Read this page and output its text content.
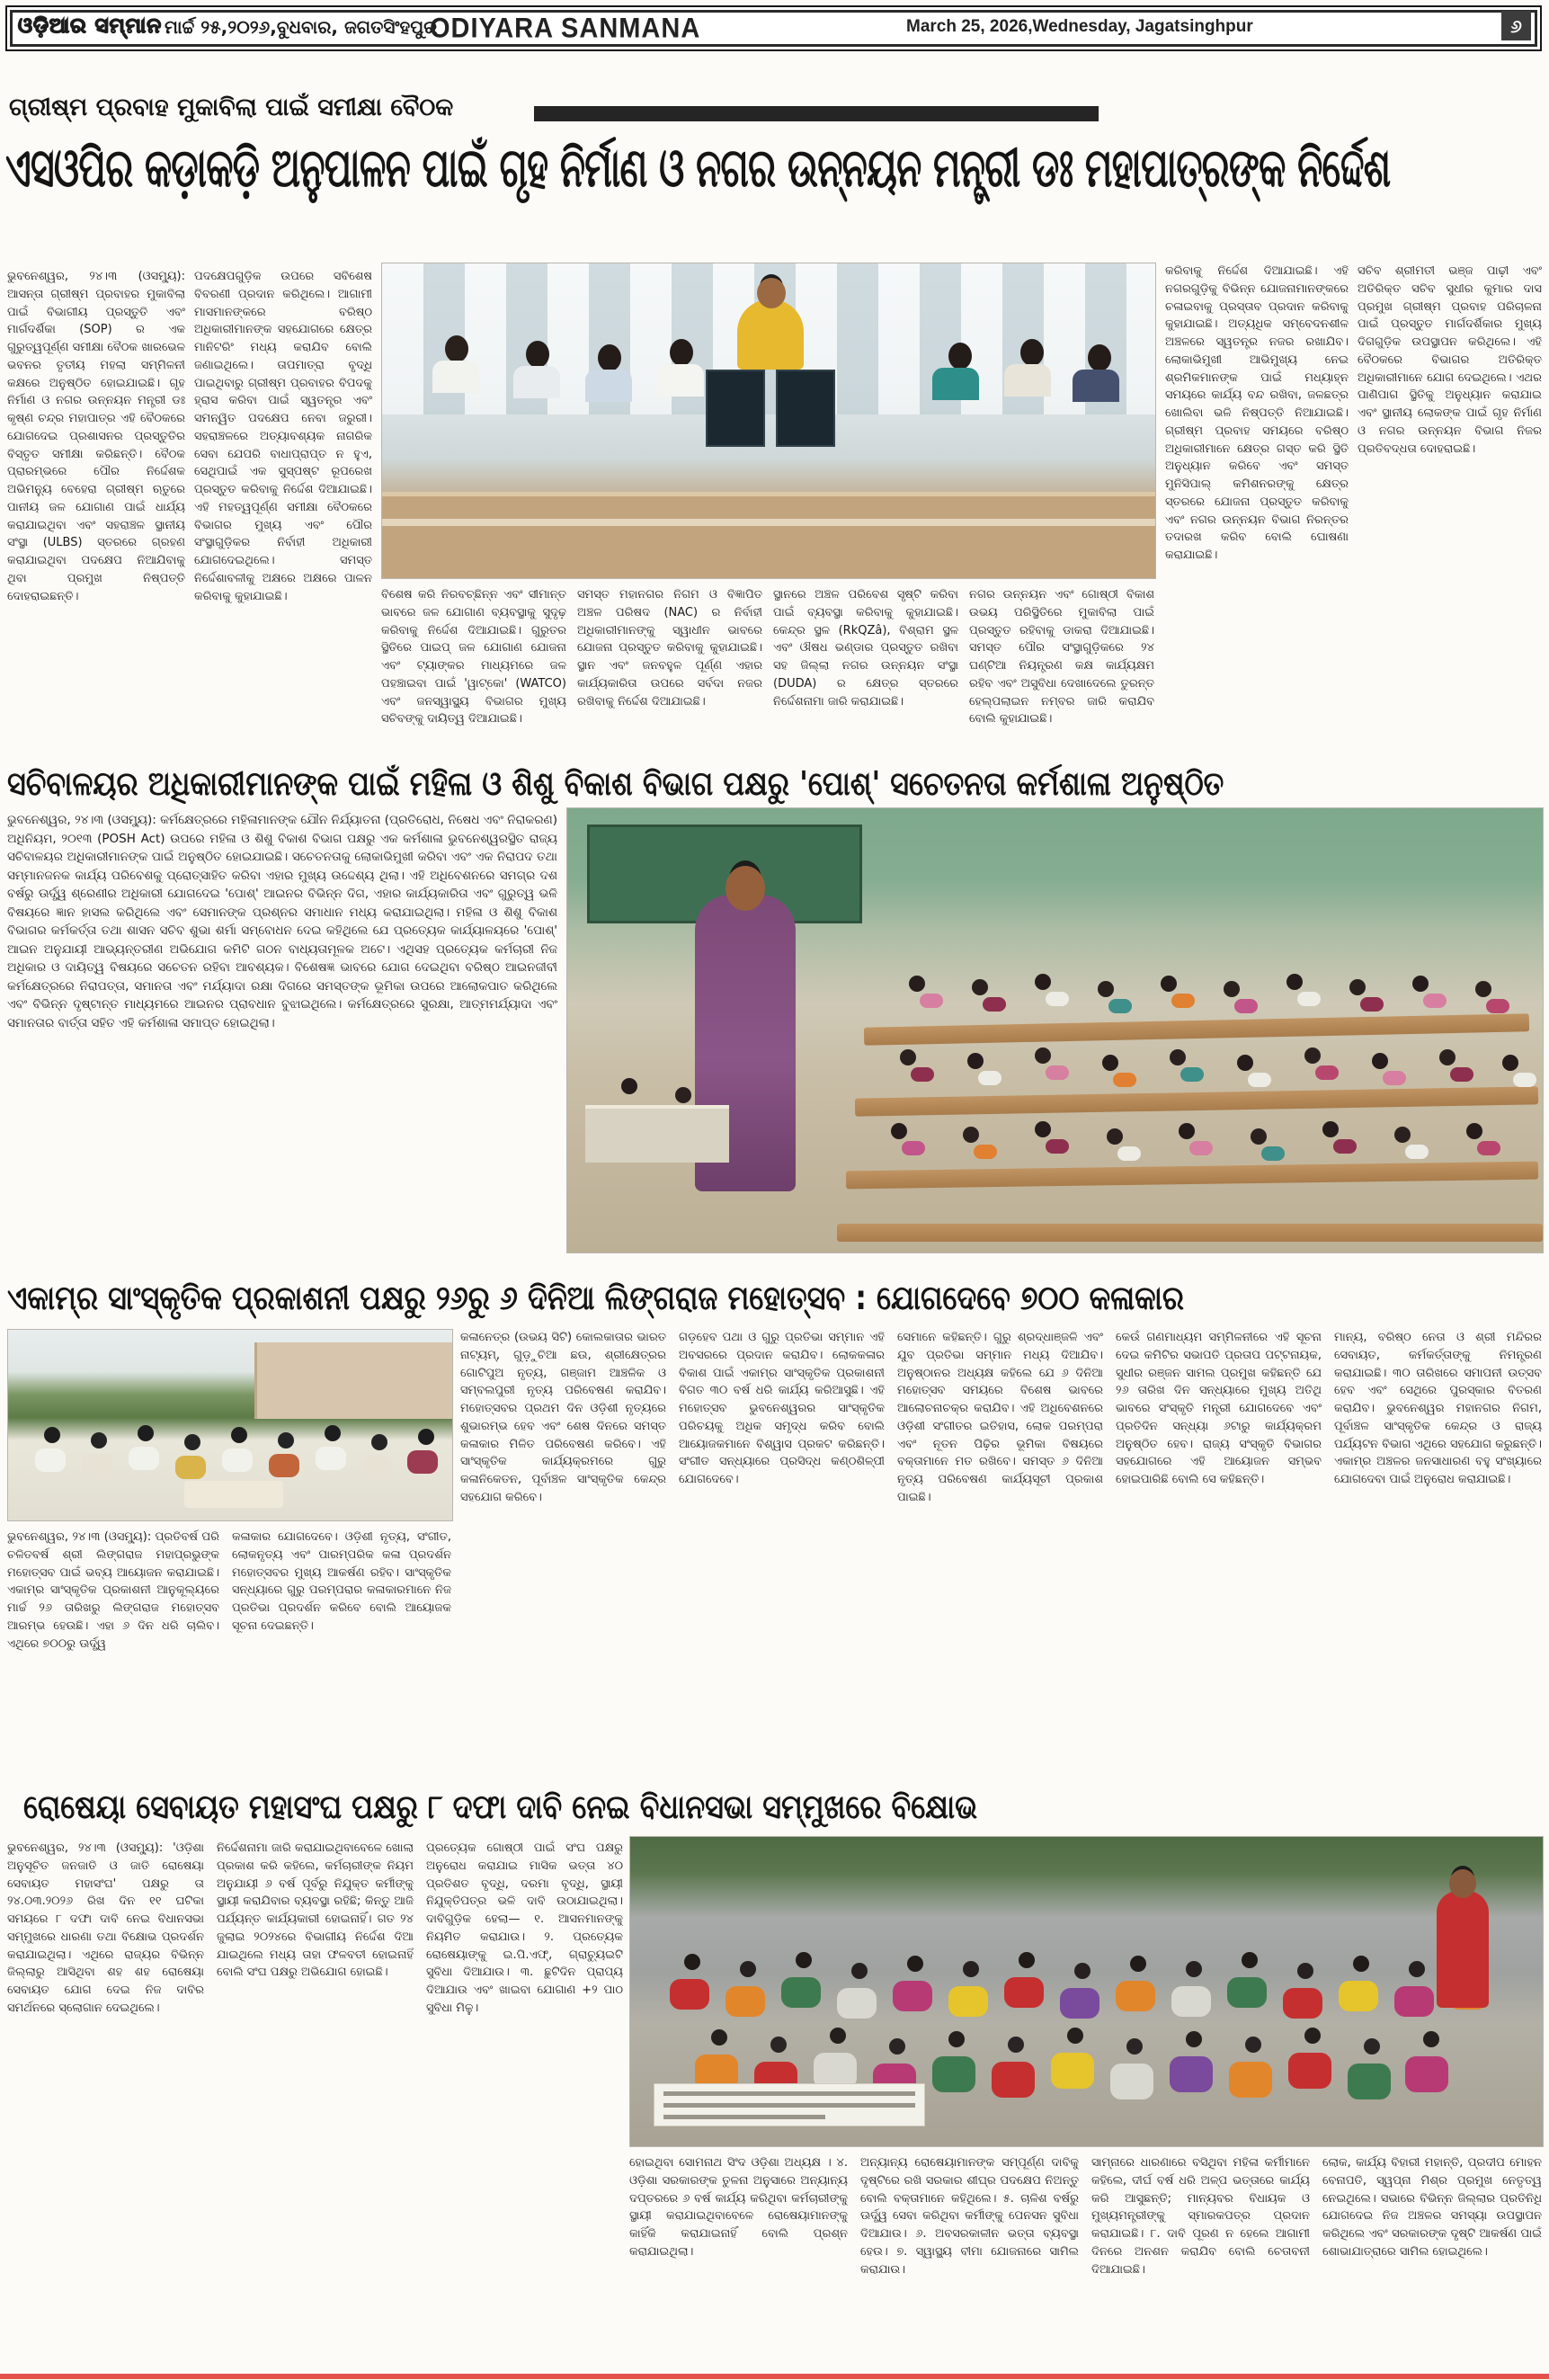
ଓଡ଼ିଆର ସମ୍ମାନ ମାର୍ଚ୍ଚ ୨୫,୨୦୨୬,ବୁଧବାର, ଜଗତସିଂହପୁର
ODIYARA SANMANA	March 25, 2026,Wednesday, Jagatsinghpur	୬
ଗ୍ରୀଷ୍ମ ପ୍ରବାହ ମୁକାବିଲା ପାଇଁ ସମୀକ୍ଷା ବୈଠକ
ଏସଓପିର କଡ଼ାକଡ଼ି ଅନୁପାଳନ ପାଇଁ ଗୃହ ନିର୍ମାଣ ଓ ନଗର ଉନ୍ନୟନ ମନ୍ତ୍ରୀ ଡଃ ମହାପାତ୍ରଙ୍କ ନିର୍ଦ୍ଦେଶ
ଭୁବନେଶ୍ୱର, ୨୪।୩ (ଓସମ୍ୟୁ): ଆସନ୍ତା ଗ୍ରୀଷ୍ମ ପ୍ରବାହର ମୁକାବିଲା ପାଇଁ ବିଭାଗୀୟ ପ୍ରସ୍ତୁତି ଏବଂ ମାର୍ଗଦର୍ଶିକା (SOP) ର ଏକ ଗୁରୁତ୍ୱପୂର୍ଣ୍ଣ ସମୀକ୍ଷା ବୈଠକ ଖାରଭେଳ ଭବନର ତୃତୀୟ ମହଲା ସମ୍ମିଳନୀ କକ୍ଷରେ ଅନୁଷ୍ଠିତ ହୋଇଯାଇଛି। ଗୃହ ନିର୍ମାଣ ଓ ନଗର ଉନ୍ନୟନ ମନ୍ତ୍ରୀ ଡଃ କୃଷ୍ଣ ଚନ୍ଦ୍ର ମହାପାତ୍ର ଏହି ବୈଠକରେ ଯୋଗଦେଇ ପ୍ରଶାସନର ପ୍ରସ୍ତୁତିର ବିସ୍ତୃତ ସମୀକ୍ଷା କରିଛନ୍ତି। ବୈଠକ ପ୍ରାରମ୍ଭରେ ପୌର ନିର୍ଦ୍ଦେଶକ ଅଭିମନ୍ୟୁ ବେହେରା ଗ୍ରୀଷ୍ମ ଋତୁରେ ପାନୀୟ ଜଳ ଯୋଗାଣ ପାଇଁ ଧାର୍ଯ୍ୟ କରାଯାଇଥିବା ଏବଂ ସହରାଞ୍ଚଳ ସ୍ଥାନୀୟ ସଂସ୍ଥା (ULBS) ସ୍ତରରେ ଗ୍ରହଣ କରାଯାଇଥିବା ପଦକ୍ଷେପ ନିଆଯିବାକୁ ଥିବା ପ୍ରମୁଖ ନିଷ୍ପତ୍ତି ଦୋହରାଇଛନ୍ତି।
ପଦକ୍ଷେପଗୁଡ଼ିକ ଉପରେ ସବିଶେଷ ବିବରଣୀ ପ୍ରଦାନ କରିଥିଲେ। ଆଗାମୀ ମାସମାନଙ୍କରେ ବରିଷ୍ଠ ଅଧିକାରୀମାନଙ୍କ ସହଯୋଗରେ କ୍ଷେତ୍ର ମାନିଟରିଂ ମଧ୍ୟ କରାଯିବ ବୋଲି ଜଣାଇଥିଲେ। ତାପମାତ୍ରା ବୃଦ୍ଧି ପାଇଥିବାରୁ ଗ୍ରୀଷ୍ମ ପ୍ରବାହର ବିପଦକୁ ହ୍ରାସ କରିବା ପାଇଁ ସ୍ୱତନ୍ତ୍ର ଏବଂ ସମନ୍ୱିତ ପଦକ୍ଷେପ ନେବା ଜରୁରୀ। ସହରାଞ୍ଚଳରେ ଅତ୍ୟାବଶ୍ୟକ ନାଗରିକ ସେବା ଯେପରି ବାଧାପ୍ରାପ୍ତ ନ ହୁଏ, ସେଥିପାଇଁ ଏକ ସୁସ୍ପଷ୍ଟ ରୂପରେଖ ପ୍ରସ୍ତୁତ କରିବାକୁ ନିର୍ଦ୍ଦେଶ ଦିଆଯାଇଛି। ଏହି ମହତ୍ୱପୂର୍ଣ୍ଣ ସମୀକ୍ଷା ବୈଠକରେ ବିଭାଗର ମୁଖ୍ୟ ଏବଂ ପୌର ସଂସ୍ଥାଗୁଡ଼ିକର ନିର୍ବାହୀ ଅଧିକାରୀ ଯୋଗଦେଇଥିଲେ। ସମସ୍ତ ନିର୍ଦ୍ଦେଶାବଳୀକୁ ଅକ୍ଷରେ ଅକ୍ଷରେ ପାଳନ କରିବାକୁ କୁହାଯାଇଛି।	ବିଶେଷ କରି ନିରବଚ୍ଛିନ୍ନ ଏବଂ ସୀମାନ୍ତ ଭାବରେ ଜଳ ଯୋଗାଣ ବ୍ୟବସ୍ଥାକୁ ସୁଦୃଢ଼ କରିବାକୁ ନିର୍ଦ୍ଦେଶ ଦିଆଯାଇଛି। ଗୁରୁତର ସ୍ଥିତିରେ ପାଇପ୍ ଜଳ ଯୋଗାଣ ଯୋଜନା ଏବଂ ଟ୍ୟାଙ୍କର ମାଧ୍ୟମରେ ଜଳ ପହଞ୍ଚାଇବା ପାଇଁ 'ୱାଟ୍‌କୋ' (WATCO) ଏବଂ ଜନସ୍ୱାସ୍ଥ୍ୟ ବିଭାଗର ମୁଖ୍ୟ ସଚିବଙ୍କୁ ଦାୟିତ୍ୱ ଦିଆଯାଇଛି।
ସମସ୍ତ ମହାନଗର ନିଗମ ଓ ବିଜ୍ଞାପିତ ଅଞ୍ଚଳ ପରିଷଦ (NAC) ର ନିର୍ବାହୀ ଅଧିକାରୀମାନଙ୍କୁ ସ୍ୱାଧୀନ ଭାବରେ ଯୋଜନା ପ୍ରସ୍ତୁତ କରିବାକୁ କୁହାଯାଇଛି। ସ୍ଥାନ ଏବଂ ଜନବହୁଳ ପୂର୍ଣ୍ଣ ଏହାର କାର୍ଯ୍ୟକାରିତା ଉପରେ ସର୍ବଦା ନଜର ରଖିବାକୁ ନିର୍ଦ୍ଦେଶ ଦିଆଯାଇଛି।
ସ୍ଥାନରେ ଅଞ୍ଚଳ ପରିବେଶ ସୃଷ୍ଟି କରିବା ପାଇଁ ବ୍ୟବସ୍ଥା କରିବାକୁ କୁହାଯାଇଛି। କେନ୍ଦ୍ର ସ୍ଥଳ (RkQZâ), ବିଶ୍ରାମ ସ୍ଥଳ ଏବଂ ଔଷଧ ଭଣ୍ଡାର ପ୍ରସ୍ତୁତ ରଖିବା ସହ ଜିଲ୍ଲା ନଗର ଉନ୍ନୟନ ସଂସ୍ଥା (DUDA) ର କ୍ଷେତ୍ର ସ୍ତରରେ ନିର୍ଦ୍ଦେଶନାମା ଜାରି କରାଯାଇଛି।
ନଗର ଉନ୍ନୟନ ଏବଂ ଗୋଷ୍ଠୀ ବିକାଶ ଉଭୟ ପରିସ୍ଥିତିରେ ମୁକାବିଲା ପାଇଁ ପ୍ରସ୍ତୁତ ରହିବାକୁ ଡାକରା ଦିଆଯାଇଛି। ସମସ୍ତ ପୌର ସଂସ୍ଥାଗୁଡ଼ିକରେ ୨୪ ଘଣ୍ଟିଆ ନିୟନ୍ତ୍ରଣ କକ୍ଷ କାର୍ଯ୍ୟକ୍ଷମ ରହିବ ଏବଂ ଅସୁବିଧା ଦେଖାଦେଲେ ତୁରନ୍ତ ହେଲ୍ପଲାଇନ ନମ୍ବର ଜାରି କରାଯିବ ବୋଲି କୁହାଯାଇଛି।
କରିବାକୁ ନିର୍ଦ୍ଦେଶ ଦିଆଯାଇଛି। ଏହି ନଗରଗୁଡ଼ିକୁ ବିଭିନ୍ନ ଯୋଜନାମାନଙ୍କରେ ଚଳାଇବାକୁ ପ୍ରସ୍ତାବ ପ୍ରଦାନ କରିବାକୁ କୁହାଯାଇଛି। ଅତ୍ୟଧିକ ସମ୍ବେଦନଶୀଳ ଅଞ୍ଚଳରେ ସ୍ୱତନ୍ତ୍ର ନଜର ରଖାଯିବ। ଲୋକାଭିମୁଖୀ ଆଭିମୁଖ୍ୟ ନେଇ ଶ୍ରମିକମାନଙ୍କ ପାଇଁ ମଧ୍ୟାହ୍ନ ସମୟରେ କାର୍ଯ୍ୟ ବନ୍ଦ ରଖିବା, ଜଳଛତ୍ର ଖୋଲିବା ଭଳି ନିଷ୍ପତ୍ତି ନିଆଯାଇଛି। ଗ୍ରୀଷ୍ମ ପ୍ରବାହ ସମୟରେ ବରିଷ୍ଠ ଅଧିକାରୀମାନେ କ୍ଷେତ୍ର ଗସ୍ତ କରି ସ୍ଥିତି ଅନୁଧ୍ୟାନ କରିବେ ଏବଂ ସମସ୍ତ ମୁନିସିପାଲ୍ କମିଶନରଙ୍କୁ କ୍ଷେତ୍ର ସ୍ତରରେ ଯୋଜନା ପ୍ରସ୍ତୁତ କରିବାକୁ ଏବଂ ନଗର ଉନ୍ନୟନ ବିଭାଗ ନିରନ୍ତର ତଦାରଖ କରିବ ବୋଲି ଘୋଷଣା କରାଯାଇଛି।
ସଚିବ ଶ୍ରୀମତୀ ଭଞ୍ଜ ପାଢ଼ୀ ଏବଂ ଅତିରିକ୍ତ ସଚିବ ସୁଧୀର କୁମାର ଦାସ ପ୍ରମୁଖ ଗ୍ରୀଷ୍ମ ପ୍ରବାହ ପରିଚାଳନା ପାଇଁ ପ୍ରସ୍ତୁତ ମାର୍ଗଦର୍ଶିକାର ମୁଖ୍ୟ ଦିଗଗୁଡ଼ିକ ଉପସ୍ଥାପନ କରିଥିଲେ। ଏହି ବୈଠକରେ ବିଭାଗର ଅତିରିକ୍ତ ଅଧିକାରୀମାନେ ଯୋଗ ଦେଇଥିଲେ। ଏଥର ପାଣିପାଗ ସ୍ଥିତିକୁ ଅନୁଧ୍ୟାନ କରାଯାଇ ଏବଂ ସ୍ଥାନୀୟ ଲୋକଙ୍କ ପାଇଁ ଗୃହ ନିର୍ମାଣ ଓ ନଗର ଉନ୍ନୟନ ବିଭାଗ ନିଜର ପ୍ରତିବଦ୍ଧତା ଦୋହରାଇଛି।
ସଚିବାଳୟର ଅଧିକାରୀମାନଙ୍କ ପାଇଁ ମହିଳା ଓ ଶିଶୁ ବିକାଶ ବିଭାଗ ପକ୍ଷରୁ 'ପୋଶ୍' ସଚେତନତା କର୍ମଶାଳା ଅନୁଷ୍ଠିତ
ଭୁବନେଶ୍ୱର, ୨୪।୩ (ଓସମ୍ୟୁ): କର୍ମକ୍ଷେତ୍ରରେ ମହିଳାମାନଙ୍କ ଯୌନ ନିର୍ଯ୍ୟାତନା (ପ୍ରତିରୋଧ, ନିଷେଧ ଏବଂ ନିରାକରଣ) ଅଧିନିୟମ, ୨୦୧୩ (POSH Act) ଉପରେ ମହିଳା ଓ ଶିଶୁ ବିକାଶ ବିଭାଗ ପକ୍ଷରୁ ଏକ କର୍ମଶାଳା ଭୁବନେଶ୍ୱରସ୍ଥିତ ରାଜ୍ୟ ସଚିବାଳୟର ଅଧିକାରୀମାନଙ୍କ ପାଇଁ ଅନୁଷ୍ଠିତ ହୋଇଯାଇଛି। ସଚେତନତାକୁ ଲୋକାଭିମୁଖୀ କରିବା ଏବଂ ଏକ ନିରାପଦ ତଥା ସମ୍ମାନଜନକ କାର୍ଯ୍ୟ ପରିବେଶକୁ ପ୍ରୋତ୍ସାହିତ କରିବା ଏହାର ମୁଖ୍ୟ ଉଦ୍ଦେଶ୍ୟ ଥିଲା। ଏହି ଅଧିବେଶନରେ ସମଗ୍ର ଦଶ ବର୍ଷରୁ ଊର୍ଦ୍ଧ୍ୱ ଶ୍ରେଣୀର ଅଧିକାରୀ ଯୋଗଦେଇ 'ପୋଶ୍' ଆଇନର ବିଭିନ୍ନ ଦିଗ, ଏହାର କାର୍ଯ୍ୟକାରିତା ଏବଂ ଗୁରୁତ୍ୱ ଭଳି ବିଷୟରେ ଜ୍ଞାନ ହାସଲ କରିଥିଲେ ଏବଂ ସେମାନଙ୍କ ପ୍ରଶ୍ନର ସମାଧାନ ମଧ୍ୟ କରାଯାଇଥିଲା। ମହିଳା ଓ ଶିଶୁ ବିକାଶ ବିଭାଗର କର୍ମକର୍ତ୍ତା ତଥା ଶାସନ ସଚିବ ଶୁଭା ଶର୍ମା ସମ୍ବୋଧନ ଦେଇ କହିଥିଲେ ଯେ ପ୍ରତ୍ୟେକ କାର୍ଯ୍ୟାଳୟରେ 'ପୋଶ୍' ଆଇନ ଅନୁଯାୟୀ ଆଭ୍ୟନ୍ତରୀଣ ଅଭିଯୋଗ କମିଟି ଗଠନ ବାଧ୍ୟତାମୂଳକ ଅଟେ। ଏଥିସହ ପ୍ରତ୍ୟେକ କର୍ମଚାରୀ ନିଜ ଅଧିକାର ଓ ଦାୟିତ୍ୱ ବିଷୟରେ ସଚେତନ ରହିବା ଆବଶ୍ୟକ। ବିଶେଷଜ୍ଞ ଭାବରେ ଯୋଗ ଦେଇଥିବା ବରିଷ୍ଠ ଆଇନଜୀବୀ କର୍ମକ୍ଷେତ୍ରରେ ନିରାପତ୍ତା, ସମାନତା ଏବଂ ମର୍ଯ୍ୟାଦା ରକ୍ଷା ଦିଗରେ ସମସ୍ତଙ୍କ ଭୂମିକା ଉପରେ ଆଲୋକପାତ କରିଥିଲେ ଏବଂ ବିଭିନ୍ନ ଦୃଷ୍ଟାନ୍ତ ମାଧ୍ୟମରେ ଆଇନର ପ୍ରାବଧାନ ବୁଝାଇଥିଲେ। କର୍ମକ୍ଷେତ୍ରରେ ସୁରକ୍ଷା, ଆତ୍ମମର୍ଯ୍ୟାଦା ଏବଂ ସମାନତାର ବାର୍ତ୍ତା ସହିତ ଏହି କର୍ମଶାଳା ସମାପ୍ତ ହୋଇଥିଲା।
ଏକାମ୍ର ସାଂସ୍କୃତିକ ପ୍ରକାଶନୀ ପକ୍ଷରୁ ୨୬ରୁ ୬ ଦିନିଆ ଲିଙ୍ଗରାଜ ମହୋତ୍ସବ : ଯୋଗଦେବେ ୭୦୦ କଳାକାର
ଭୁବନେଶ୍ୱର, ୨୪।୩ (ଓସମ୍ୟୁ): ପ୍ରତିବର୍ଷ ପରି ଚଳିତବର୍ଷ ଶ୍ରୀ ଲିଙ୍ଗରାଜ ମହାପ୍ରଭୁଙ୍କ ମହୋତ୍ସବ ପାଇଁ ଭବ୍ୟ ଆୟୋଜନ କରାଯାଇଛି। ଏକାମ୍ର ସାଂସ୍କୃତିକ ପ୍ରକାଶନୀ ଆନୁକୂଲ୍ୟରେ ମାର୍ଚ୍ଚ ୨୬ ତାରିଖରୁ ଲିଙ୍ଗରାଜ ମହୋତ୍ସବ ଆରମ୍ଭ ହେଉଛି। ଏହା ୬ ଦିନ ଧରି ଚାଲିବ। ଏଥିରେ ୭୦୦ରୁ ଊର୍ଦ୍ଧ୍ୱ
କଳାକାର ଯୋଗଦେବେ। ଓଡ଼ିଶୀ ନୃତ୍ୟ, ସଂଗୀତ, ଲୋକନୃତ୍ୟ ଏବଂ ପାରମ୍ପରିକ କଳା ପ୍ରଦର୍ଶନ ମହୋତ୍ସବର ମୁଖ୍ୟ ଆକର୍ଷଣ ରହିବ। ସାଂସ୍କୃତିକ ସନ୍ଧ୍ୟାରେ ଗୁରୁ ପରମ୍ପରାର କଳାକାରମାନେ ନିଜ ପ୍ରତିଭା ପ୍ରଦର୍ଶନ କରିବେ ବୋଲି ଆୟୋଜକ ସୂଚନା ଦେଇଛନ୍ତି।
କଳାନେତ୍ର (ଉଭୟ ସିଟି) କୋଲକାତାର ଭାରତ ନାଟ୍ୟମ୍, ଗୁଡ଼ୁଚିଆ ଛଉ, ଶ୍ରୀକ୍ଷେତ୍ରର ଗୋଟିପୁଅ ନୃତ୍ୟ, ଗଞ୍ଜାମ ଆଞ୍ଚଳିକ ଓ ସମ୍ବଲପୁରୀ ନୃତ୍ୟ ପରିବେଷଣ କରାଯିବ। ମହୋତ୍ସବର ପ୍ରଥମ ଦିନ ଓଡ଼ିଶୀ ନୃତ୍ୟରେ ଶୁଭାରମ୍ଭ ହେବ ଏବଂ ଶେଷ ଦିନରେ ସମସ୍ତ କଳାକାର ମିଳିତ ପରିବେଷଣ କରିବେ। ଏହି ସାଂସ୍କୃତିକ କାର୍ଯ୍ୟକ୍ରମରେ ଗୁରୁ କଳାନିକେତନ, ପୂର୍ବାଞ୍ଚଳ ସାଂସ୍କୃତିକ କେନ୍ଦ୍ର ସହଯୋଗ କରିବେ।
ଗଡ଼ହେବ ପଥା ଓ ଗୁରୁ ପ୍ରତିଭା ସମ୍ମାନ ଏହି ଅବସରରେ ପ୍ରଦାନ କରାଯିବ। ଲୋକକଳାର ବିକାଶ ପାଇଁ ଏକାମ୍ର ସାଂସ୍କୃତିକ ପ୍ରକାଶନୀ ବିଗତ ୩୦ ବର୍ଷ ଧରି କାର୍ଯ୍ୟ କରିଆସୁଛି। ଏହି ମହୋତ୍ସବ ଭୁବନେଶ୍ୱରର ସାଂସ୍କୃତିକ ପରିଚୟକୁ ଅଧିକ ସମୃଦ୍ଧ କରିବ ବୋଲି ଆୟୋଜକମାନେ ବିଶ୍ୱାସ ପ୍ରକଟ କରିଛନ୍ତି। ସଂଗୀତ ସନ୍ଧ୍ୟାରେ ପ୍ରସିଦ୍ଧ କଣ୍ଠଶିଳ୍ପୀ ଯୋଗଦେବେ।
ସେମାନେ କହିଛନ୍ତି। ଗୁରୁ ଶ୍ରଦ୍ଧାଞ୍ଜଳି ଏବଂ ଯୁବ ପ୍ରତିଭା ସମ୍ମାନ ମଧ୍ୟ ଦିଆଯିବ। ଅନୁଷ୍ଠାନର ଅଧ୍ୟକ୍ଷ କହିଲେ ଯେ ୬ ଦିନିଆ ମହୋତ୍ସବ ସମୟରେ ବିଶେଷ ଭାବରେ ଆଲୋଚନାଚକ୍ର କରାଯିବ। ଏହି ଅଧିବେଶନରେ ଓଡ଼ିଶୀ ସଂଗୀତର ଇତିହାସ, ଲୋକ ପରମ୍ପରା ଏବଂ ନୂତନ ପିଢ଼ିର ଭୂମିକା ବିଷୟରେ ବକ୍ତାମାନେ ମତ ରଖିବେ। ସମସ୍ତ ୬ ଦିନିଆ ନୃତ୍ୟ ପରିବେଷଣ କାର୍ଯ୍ୟସୂଚୀ ପ୍ରକାଶ ପାଇଛି।
କେଉଁ ଗଣମାଧ୍ୟମ ସମ୍ମିଳନୀରେ ଏହି ସୂଚନା ଦେଇ କମିଟିର ସଭାପତି ପ୍ରତାପ ପଟ୍ଟନାୟକ, ସୁଧୀର ରଞ୍ଜନ ସାମଲ ପ୍ରମୁଖ କହିଛନ୍ତି ଯେ ୨୬ ତାରିଖ ଦିନ ସନ୍ଧ୍ୟାରେ ମୁଖ୍ୟ ଅତିଥି ଭାବରେ ସଂସ୍କୃତି ମନ୍ତ୍ରୀ ଯୋଗଦେବେ ଏବଂ ପ୍ରତିଦିନ ସନ୍ଧ୍ୟା ୬ଟାରୁ କାର୍ଯ୍ୟକ୍ରମ ଅନୁଷ୍ଠିତ ହେବ। ରାଜ୍ୟ ସଂସ୍କୃତି ବିଭାଗର ସହଯୋଗରେ ଏହି ଆୟୋଜନ ସମ୍ଭବ ହୋଇପାରିଛି ବୋଲି ସେ କହିଛନ୍ତି।
ମାନ୍ୟ, ବରିଷ୍ଠ ନେତା ଓ ଶ୍ରୀ ମନ୍ଦିରର ସେବାୟତ, କର୍ମକର୍ତ୍ତାଙ୍କୁ ନିମନ୍ତ୍ରଣ କରାଯାଇଛି। ୩୦ ତାରିଖରେ ସମାପନୀ ଉତ୍ସବ ହେବ ଏବଂ ସେଥିରେ ପୁରସ୍କାର ବିତରଣ କରାଯିବ। ଭୁବନେଶ୍ୱର ମହାନଗର ନିଗମ, ପୂର୍ବାଞ୍ଚଳ ସାଂସ୍କୃତିକ କେନ୍ଦ୍ର ଓ ରାଜ୍ୟ ପର୍ଯ୍ୟଟନ ବିଭାଗ ଏଥିରେ ସହଯୋଗ କରୁଛନ୍ତି। ଏକାମ୍ର ଅଞ୍ଚଳର ଜନସାଧାରଣ ବହୁ ସଂଖ୍ୟାରେ ଯୋଗଦେବା ପାଇଁ ଅନୁରୋଧ କରାଯାଇଛି।
ରୋଷେୟା ସେବାୟତ ମହାସଂଘ ପକ୍ଷରୁ ୮ ଦଫା ଦାବି ନେଇ ବିଧାନସଭା ସମ୍ମୁଖରେ ବିକ୍ଷୋଭ
ଭୁବନେଶ୍ୱର, ୨୪।୩ (ଓସମ୍ୟୁ): 'ଓଡ଼ିଶା ଅନୁସୂଚିତ ଜନଜାତି ଓ ଜାତି ରୋଷେୟା ସେବାୟତ ମହାସଂଘ' ପକ୍ଷରୁ ତା ୨୪.୦୩.୨୦୨୬ ରିଖ ଦିନ ୧୧ ଘଟିକା ସମୟରେ ୮ ଦଫା ଦାବି ନେଇ ବିଧାନସଭା ସମ୍ମୁଖରେ ଧାରଣା ତଥା ବିକ୍ଷୋଭ ପ୍ରଦର୍ଶନ କରାଯାଇଥିଲା। ଏଥିରେ ରାଜ୍ୟର ବିଭିନ୍ନ ଜିଲ୍ଲାରୁ ଆସିଥିବା ଶହ ଶହ ରୋଷେୟା ସେବାୟତ ଯୋଗ ଦେଇ ନିଜ ଦାବିର ସମର୍ଥନରେ ସ୍ଲୋଗାନ ଦେଇଥିଲେ।
ନିର୍ଦ୍ଦେଶନାମା ଜାରି କରାଯାଇଥିବାବେଳେ ଖୋଲା ପ୍ରକାଶ କରି କହିଲେ, କର୍ମଚାରୀଙ୍କ ନିୟମ ଅନୁଯାୟୀ ୬ ବର୍ଷ ପୂର୍ବରୁ ନିଯୁକ୍ତ କର୍ମୀଙ୍କୁ ସ୍ଥାୟୀ କରାଯିବାର ବ୍ୟବସ୍ଥା ରହିଛି; କିନ୍ତୁ ଆଜି ପର୍ଯ୍ୟନ୍ତ କାର୍ଯ୍ୟକାରୀ ହୋଇନାହିଁ। ଗତ ୨୪ ଜୁଲାଇ ୨୦୨୪ରେ ବିଭାଗୀୟ ନିର୍ଦ୍ଦେଶ ଦିଆ ଯାଇଥିଲେ ମଧ୍ୟ ତାହା ଫଳବତୀ ହୋଇନାହିଁ ବୋଲି ସଂଘ ପକ୍ଷରୁ ଅଭିଯୋଗ ହୋଇଛି।
ପ୍ରତ୍ୟେକ ଗୋଷ୍ଠୀ ପାଇଁ ସଂଘ ପକ୍ଷରୁ ଅନୁରୋଧ କରାଯାଇ ମାସିକ ଭତ୍ତା ୪୦ ପ୍ରତିଶତ ବୃଦ୍ଧି, ଦରମା ବୃଦ୍ଧି, ସ୍ଥାୟୀ ନିଯୁକ୍ତିପତ୍ର ଭଳି ଦାବି ଉଠାଯାଇଥିଲା। ଦାବିଗୁଡ଼ିକ ହେଲା— ୧. ଆସନମାନଙ୍କୁ ନିୟମିତ କରାଯାଉ। ୨. ପ୍ରତ୍ୟେକ ରୋଷେୟାଙ୍କୁ ଇ.ପି.ଏଫ୍, ଗ୍ରାଚ୍ୟୁଇଟି ସୁବିଧା ଦିଆଯାଉ। ୩. ଛୁଟିଦିନ ପ୍ରାପ୍ୟ ଦିଆଯାଉ ଏବଂ ଖାଇବା ଯୋଗାଣ +୨ ପାଠ ସୁବିଧା ମିଳୁ।
ହୋଇଥିବା ସୋମନାଥ ସିଂଦ ଓଡ଼ିଶା ଅଧ୍ୟକ୍ଷ । ୪. ଓଡ଼ିଶା ସରକାରଙ୍କ ତୁଳନା ଅନୁସାରେ ଅନ୍ୟାନ୍ୟ ଦପ୍ତରରେ ୬ ବର୍ଷ କାର୍ଯ୍ୟ କରିଥିବା କର୍ମଚାରୀଙ୍କୁ ସ୍ଥାୟୀ କରାଯାଇଥିବାବେଳେ ରୋଷେୟାମାନଙ୍କୁ କାହିଁକି କରାଯାଇନାହିଁ ବୋଲି ପ୍ରଶ୍ନ କରାଯାଇଥିଲା।
ଅନ୍ୟାନ୍ୟ ରୋଷେୟାମାନଙ୍କ ସମ୍ପୂର୍ଣ୍ଣ ଦାବିକୁ ଦୃଷ୍ଟିରେ ରଖି ସରକାର ଶୀଘ୍ର ପଦକ୍ଷେପ ନିଅନ୍ତୁ ବୋଲି ବକ୍ତାମାନେ କହିଥିଲେ। ୫. ଚାଳିଶ ବର୍ଷରୁ ଊର୍ଦ୍ଧ୍ୱ ସେବା କରିଥିବା କର୍ମୀଙ୍କୁ ପେନସନ ସୁବିଧା ଦିଆଯାଉ। ୬. ଅବସରକାଳୀନ ଭତ୍ତା ବ୍ୟବସ୍ଥା ହେଉ। ୭. ସ୍ୱାସ୍ଥ୍ୟ ବୀମା ଯୋଜନାରେ ସାମିଲ କରାଯାଉ।
ସାମ୍ନାରେ ଧାରଣାରେ ବସିଥିବା ମହିଳା କର୍ମୀମାନେ କହିଲେ, ଦୀର୍ଘ ବର୍ଷ ଧରି ଅଳ୍ପ ଭତ୍ତାରେ କାର୍ଯ୍ୟ କରି ଆସୁଛନ୍ତି; ମାନ୍ୟବର ବିଧାୟକ ଓ ମୁଖ୍ୟମନ୍ତ୍ରୀଙ୍କୁ ସ୍ମାରକପତ୍ର ପ୍ରଦାନ କରାଯାଇଛି। ୮. ଦାବି ପୂରଣ ନ ହେଲେ ଆଗାମୀ ଦିନରେ ଅନଶନ କରାଯିବ ବୋଲି ଚେତାବନୀ ଦିଆଯାଇଛି।
ଲୋକ, କାର୍ଯ୍ୟ ବିହାରୀ ମହାନ୍ତି, ପ୍ରଦୀପ ମୋହନ ବେନାପତି, ସ୍ୱପ୍ନା ମିଶ୍ର ପ୍ରମୁଖ ନେତୃତ୍ୱ ନେଇଥିଲେ। ସଭାରେ ବିଭିନ୍ନ ଜିଲ୍ଲାର ପ୍ରତିନିଧି ଯୋଗଦେଇ ନିଜ ଅଞ୍ଚଳର ସମସ୍ୟା ଉପସ୍ଥାପନ କରିଥିଲେ ଏବଂ ସରକାରଙ୍କ ଦୃଷ୍ଟି ଆକର୍ଷଣ ପାଇଁ ଶୋଭାଯାତ୍ରାରେ ସାମିଲ ହୋଇଥିଲେ।
